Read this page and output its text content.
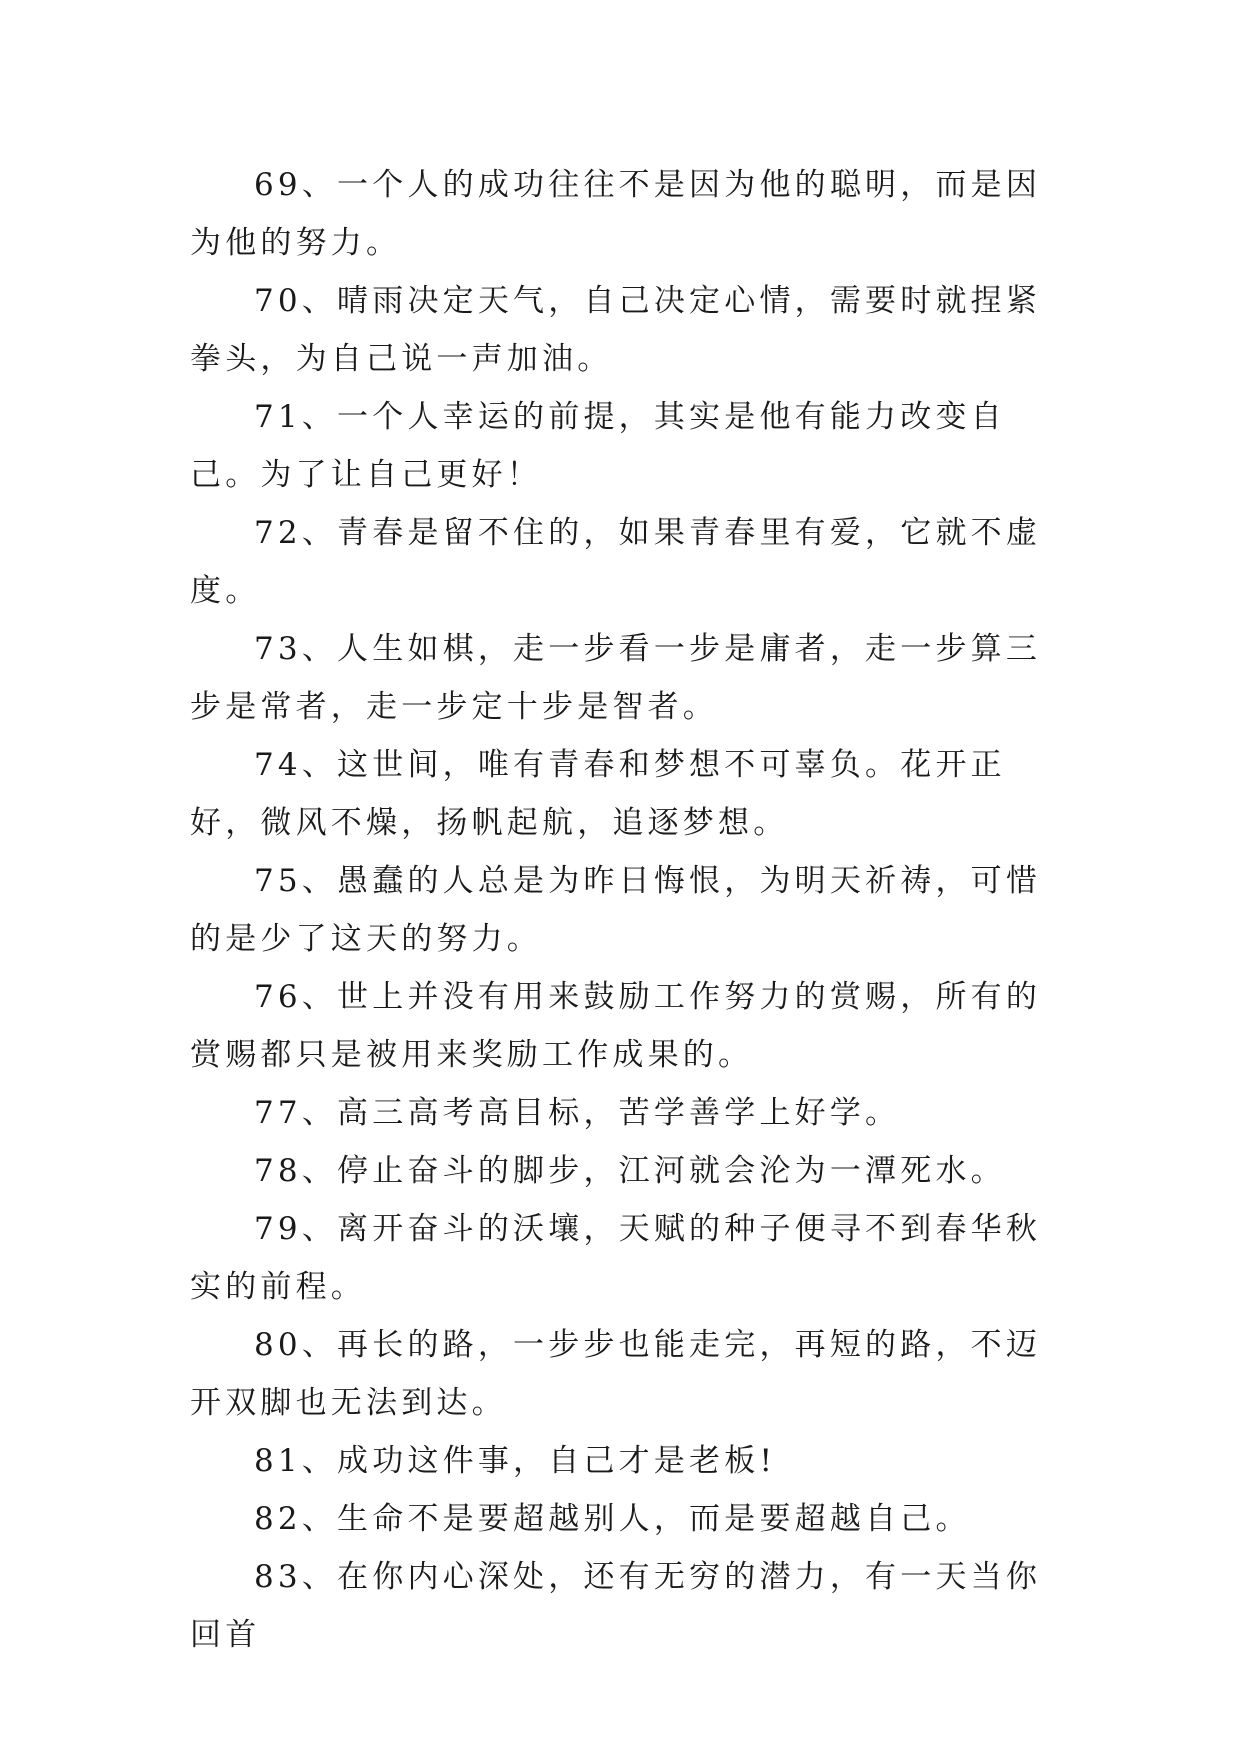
69、一个人的成功往往不是因为他的聪明，而是因为他的努力。

70、晴雨决定天气，自己决定心情，需要时就捏紧拳头，为自己说一声加油。

71、一个人幸运的前提，其实是他有能力改变自己。为了让自己更好！

72、青春是留不住的，如果青春里有爱，它就不虚度。

73、人生如棋，走一步看一步是庸者，走一步算三步是常者，走一步定十步是智者。

74、这世间，唯有青春和梦想不可辜负。花开正好，微风不燥，扬帆起航，追逐梦想。

75、愚蠢的人总是为昨日悔恨，为明天祈祷，可惜的是少了这天的努力。

76、世上并没有用来鼓励工作努力的赏赐，所有的赏赐都只是被用来奖励工作成果的。

77、高三高考高目标，苦学善学上好学。

78、停止奋斗的脚步，江河就会沦为一潭死水。

79、离开奋斗的沃壤，天赋的种子便寻不到春华秋实的前程。

80、再长的路，一步步也能走完，再短的路，不迈开双脚也无法到达。

81、成功这件事，自己才是老板!

82、生命不是要超越别人，而是要超越自己。

83、在你内心深处，还有无穷的潜力，有一天当你回首
